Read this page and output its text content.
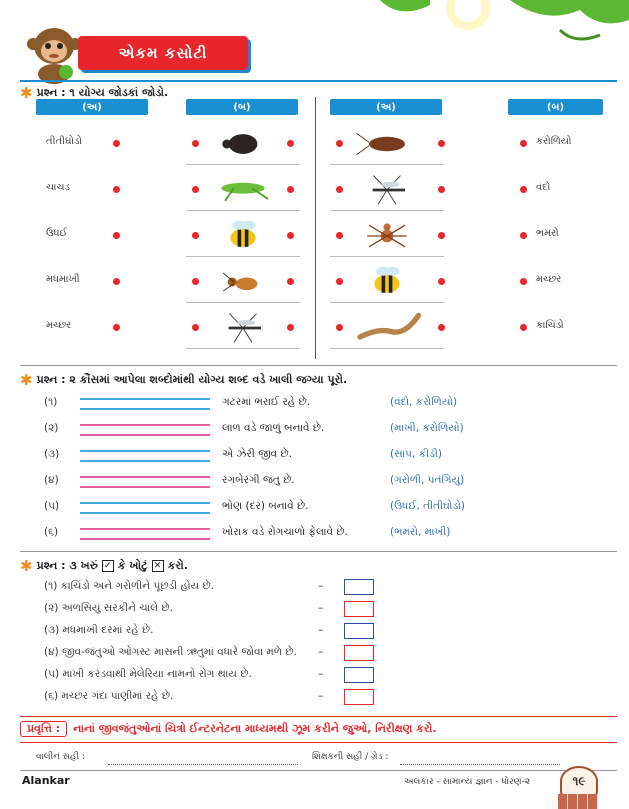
એકમ કસોટી
✱ પ્રશ્ન : ૧ યોગ્ય જોડકાં જોડો.
(અ)	(બ)	(અ)	(બ)
તીતીઘોડો	કરોળિયો
ચાચડ	વંદો
ઉધઈ	ભમરો
મધમાખી	મચ્છર
મચ્છર	કાચિંડો
✱ પ્રશ્ન : ૨ કૌંસમાં આપેલા શબ્દોમાંથી યોગ્ય શબ્દ વડે ખાલી જગ્યા પૂરો.
(૧)	ગટરમાં ભરાઈ રહે છે.	(વંદો, કરોળિયો)
(૨)	લાળ વડે જાળું બનાવે છે.	(માખી, કરોળિયો)
(૩)	એ ઝેરી જીવ છે.	(સાપ, કીડી)
(૪)	રંગબેરંગી જંતુ છે.	(ગરોળી, પતંગિયું)
(૫)	ભોણ (દર) બનાવે છે.	(ઉધઈ, તીતીઘોડો)
(૬)	ખોરાક વડે રોગચાળો ફેલાવે છે.	(ભમરો, માખી)
✱ પ્રશ્ન : ૩ ખરું ✓ કે ખોટું ✕ કરો.
(૧) કાચિંડો અને ગરોળીને પૂંછડી હોય છે.	–
(૨) અળસિયું સરકીને ચાલે છે.	–
(૩) મધમાખી દરમાં રહે છે.	–
(૪) જીવ-જંતુઓ ઓગસ્ટ માસની ઋતુમાં વધારે જોવા મળે છે. –
(૫) માખી કરડવાથી મેલેરિયા નામનો રોગ થાય છે.	–
(૬) મચ્છર ગંદા પાણીમાં રહે છે.	–
પ્રવૃત્તિ :	નાનાં જીવજંતુઓનાં ચિત્રો ઈન્ટરનેટના માધ્યમથી ઝૂમ કરીને જુઓ, નિરીક્ષણ કરો.
વાલીનં સહી :	શિક્ષકની સહી / ગ્રેડ :
Alankar	અલંકાર - સામાન્ય જ્ઞાન - ધોરણ-૨	૧૯
